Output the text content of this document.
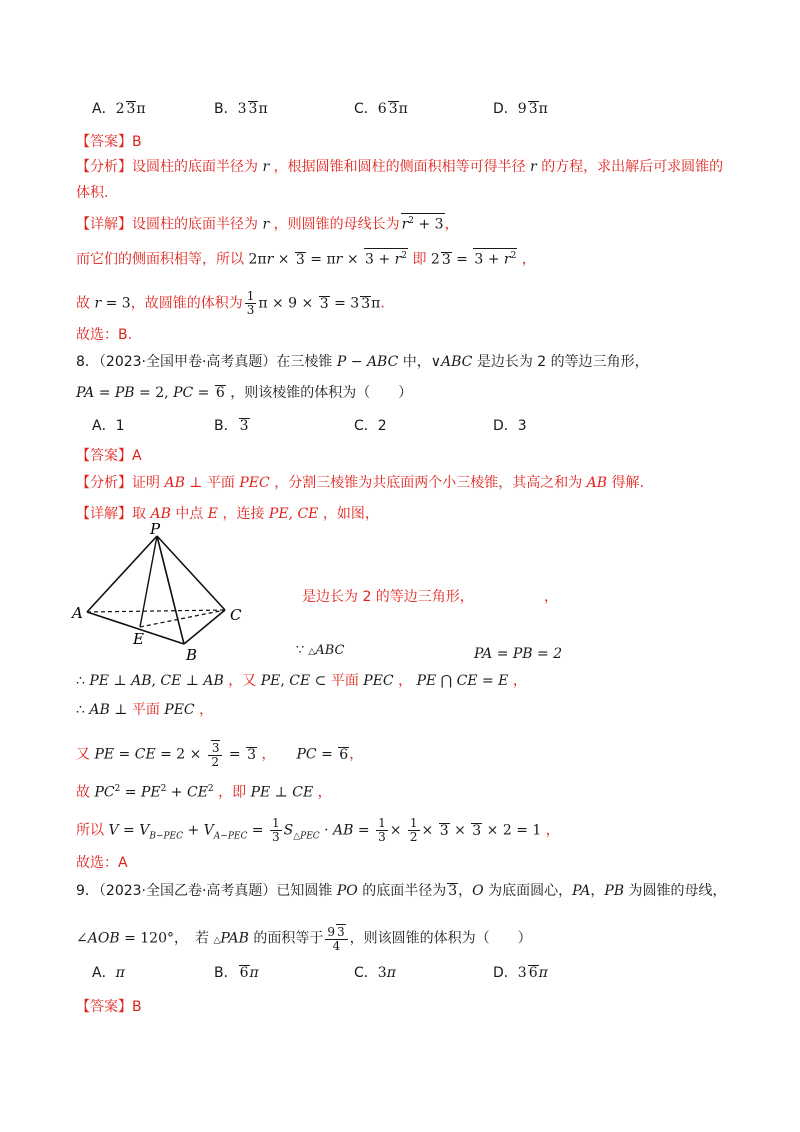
A．2 3π	B．3 3π	C．6 3π	D．9 3π
【答案】B
【分析】设圆柱的底面半径为 r ，根据圆锥和圆柱的侧面积相等可得半径 r 的方程，求出解后可求圆锥的
体积.
【详解】设圆柱的底面半径为 r ，则圆锥的母线长为 $r^2 + 3$，
而它们的侧面积相等，所以 $2\pi r \times 3 = \pi r \times 3 + r^2$ 即 2 $3 = 3 + r^2$ ，
故 r = 3，故圆锥的体积为 $\frac{1}{3}$ π × 9 × 3 = 3 3π.
故选：B.
8．（2023·全国甲卷·高考真题）在三棱锥 P − ABC 中，∨ABC 是边长为 2 的等边三角形，
PA = PB = 2, PC = 6 ，则该棱锥的体积为（　　）
A．1	B． 3	C．2	D．3
【答案】A
【分析】证明 AB ⊥ 平面 PEC ，分割三棱锥为共底面两个小三棱锥，其高之和为 AB 得解.
【详解】取 AB 中点 E ，连接 PE, CE ，如图，
P
A	C
E
B
是边长为 2 的等边三角形，	，
∵ △ABC	PA = PB = 2
∴ PE ⊥ AB, CE ⊥ AB ，又 PE, CE ⊂ 平面 PEC ， PE ⋂ CE = E ，
∴ AB ⊥ 平面 PEC ，
又 PE = CE = $2 \times \frac{3}{2} = 3$ ，　　 PC = 6，
故 $PC^2 = PE^2 + CE^2$ ，即 PE ⊥ CE ，
所以 $V = V_{B-PEC} + V_{A-PEC} = \frac{1}{3} S_{\triangle PEC}$ · AB = $\frac{1}{3} \times \frac{1}{2} \times 3 \times 3 \times 2 = 1$ ，
故选：A
9．（2023·全国乙卷·高考真题）已知圆锥 PO 的底面半径为 3，O 为底面圆心，PA，PB 为圆锥的母线，
∠AOB = 120°，　若 △PAB 的面积等于 $\frac{9 3}{4}$ ，则该圆锥的体积为（　　）
A．π	B． 6π	C．3π	D．3 6π
【答案】B
